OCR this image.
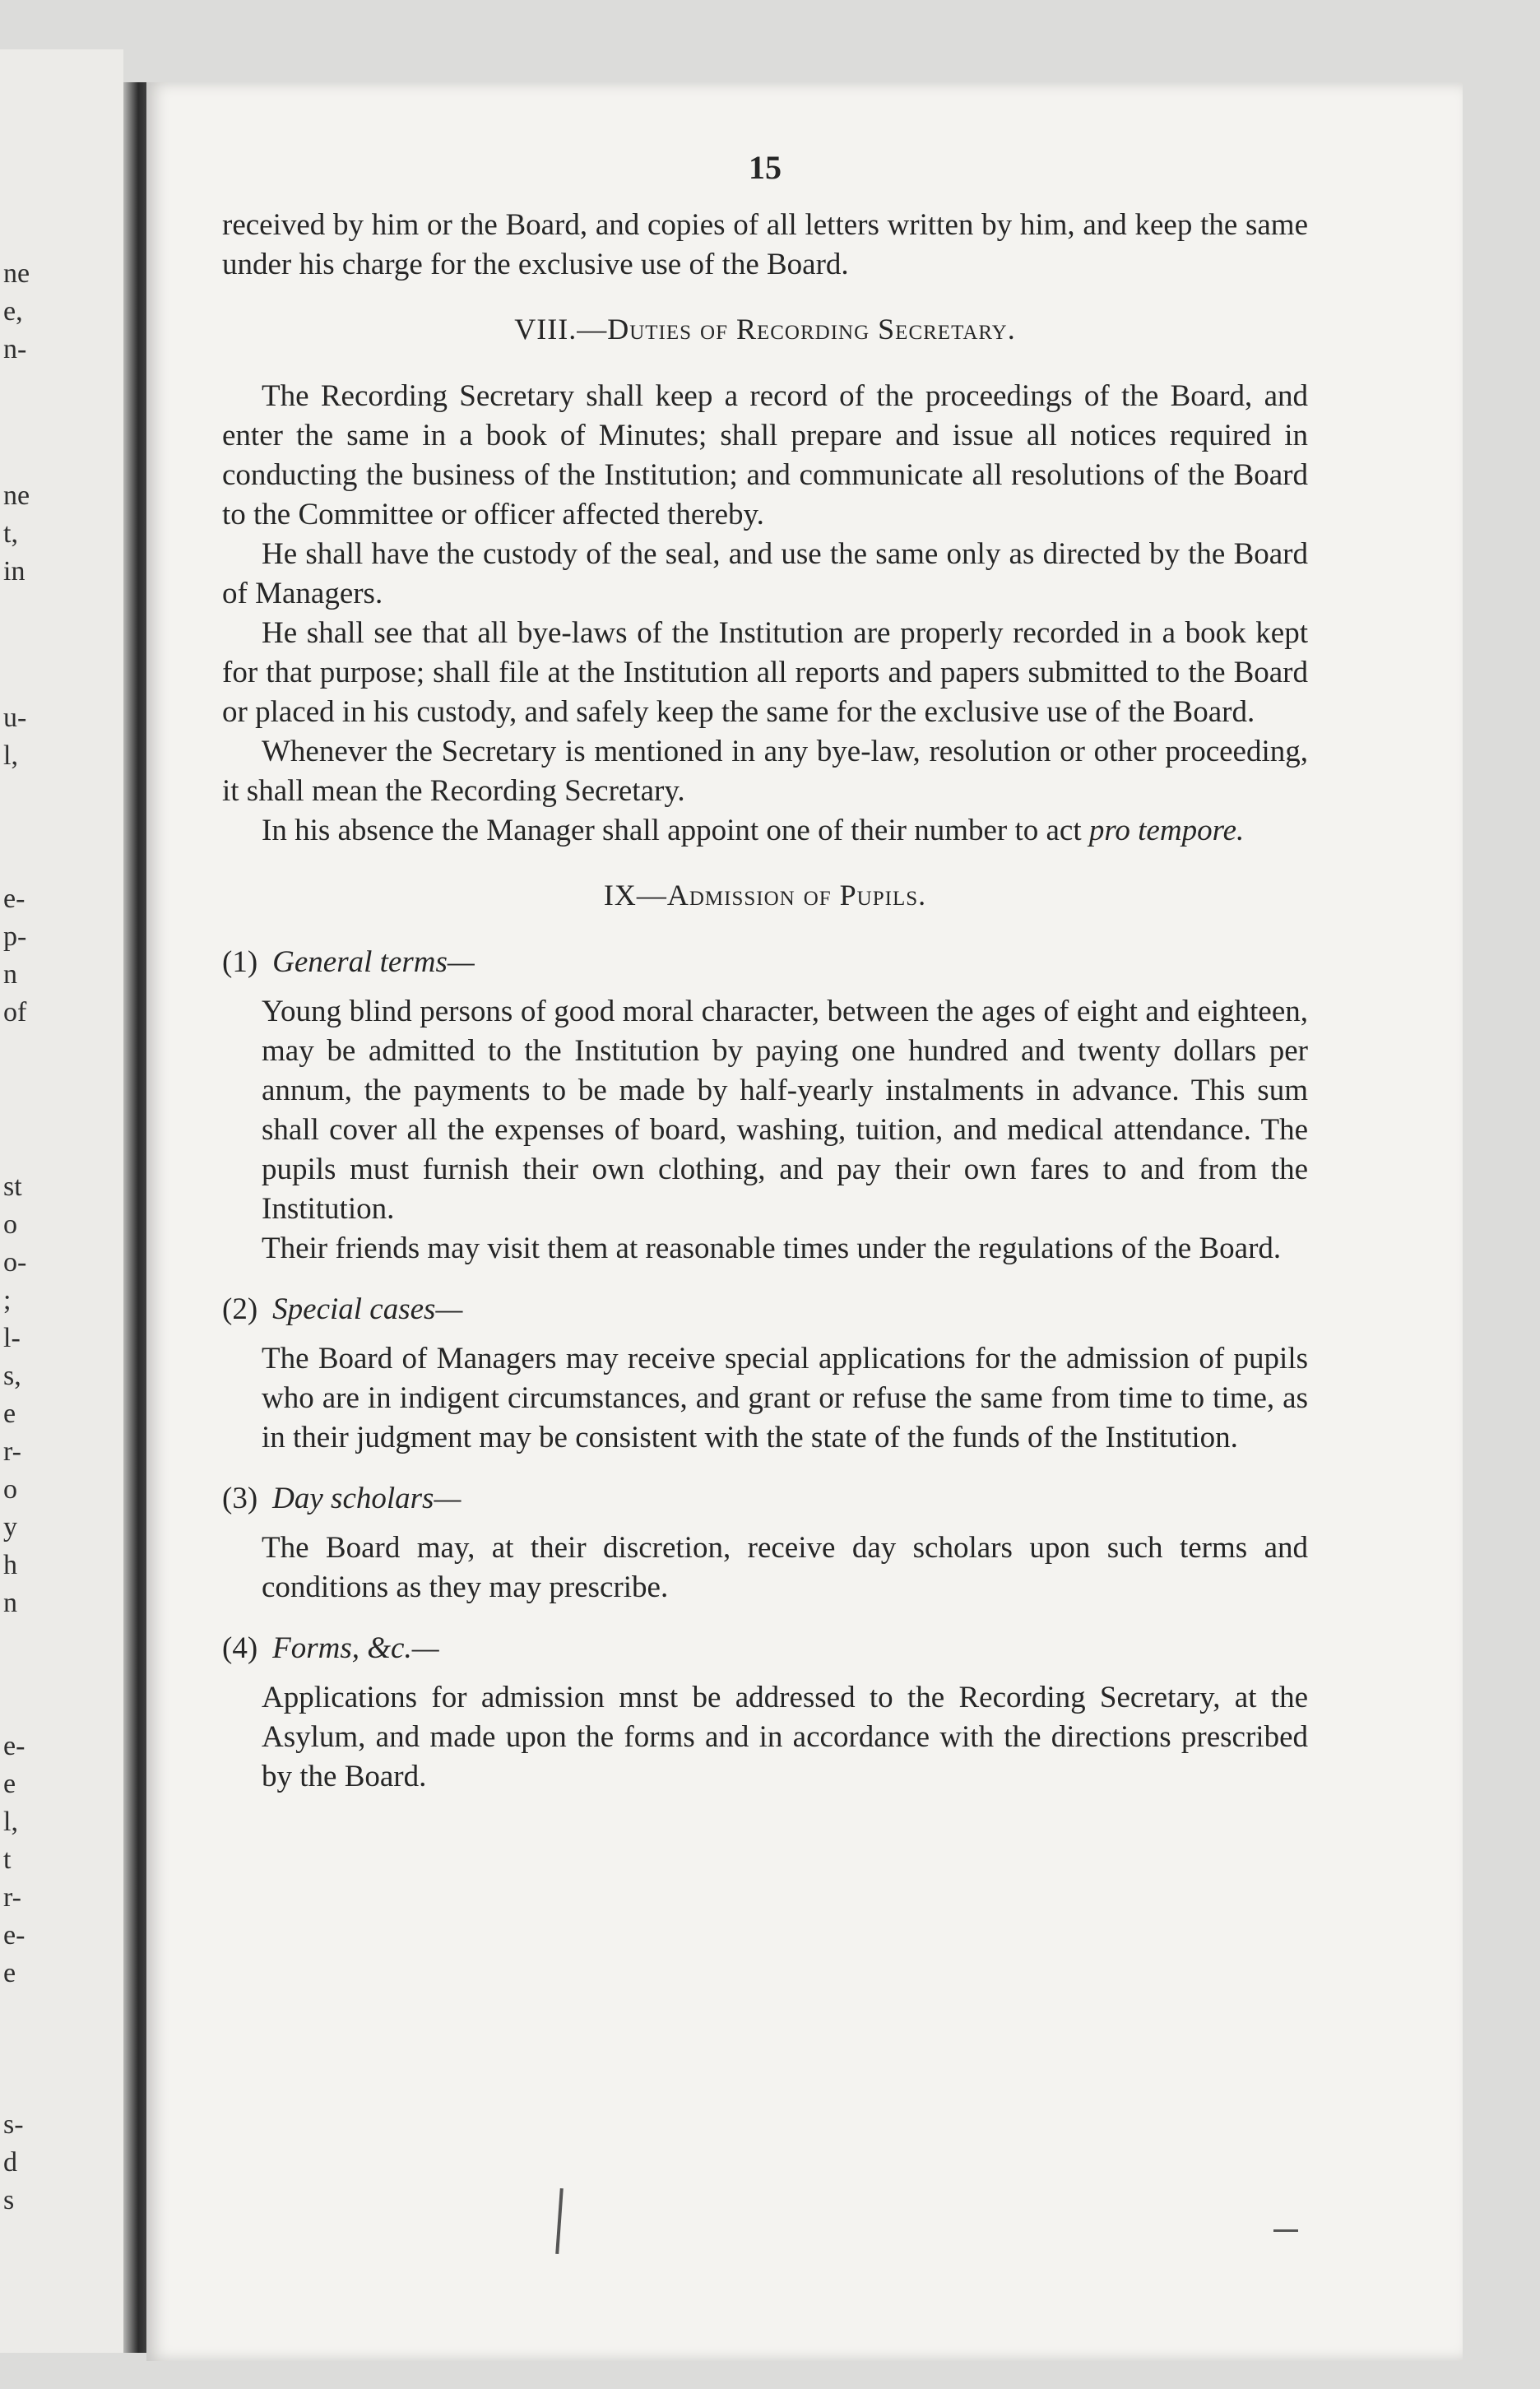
ne
e,
n-
ne
t,
in
u-
l,
e-
p-
n
of
st
o
o-
;
l-
s,
e
r-
o
y
h
n
e-
e
l,
t
r-
e-
e
s-
d
s
15

received by him or the Board, and copies of all letters written by him, and keep the same under his charge for the exclusive use of the Board.

VIII.—Duties of Recording Secretary.

The Recording Secretary shall keep a record of the proceedings of the Board, and enter the same in a book of Minutes; shall prepare and issue all notices required in conducting the business of the Institution; and communicate all resolutions of the Board to the Committee or officer affected thereby.

He shall have the custody of the seal, and use the same only as directed by the Board of Managers.

He shall see that all bye-laws of the Institution are properly recorded in a book kept for that purpose; shall file at the Institution all reports and papers submitted to the Board or placed in his custody, and safely keep the same for the exclusive use of the Board.

Whenever the Secretary is mentioned in any bye-law, resolution or other proceeding, it shall mean the Recording Secretary.

In his absence the Manager shall appoint one of their number to act pro tempore.

IX—Admission of Pupils.
(1) General terms—

Young blind persons of good moral character, between the ages of eight and eighteen, may be admitted to the Institution by paying one hundred and twenty dollars per annum, the payments to be made by half-yearly instalments in advance. This sum shall cover all the expenses of board, washing, tuition, and medical attendance. The pupils must furnish their own clothing, and pay their own fares to and from the Institution.

Their friends may visit them at reasonable times under the regulations of the Board.

(2) Special cases—

The Board of Managers may receive special applications for the admission of pupils who are in indigent circumstances, and grant or refuse the same from time to time, as in their judgment may be consistent with the state of the funds of the Institution.

(3) Day scholars—

The Board may, at their discretion, receive day scholars upon such terms and conditions as they may prescribe.

(4) Forms, &c.—

Applications for admission mnst be addressed to the Recording Secretary, at the Asylum, and made upon the forms and in accordance with the directions prescribed by the Board.
